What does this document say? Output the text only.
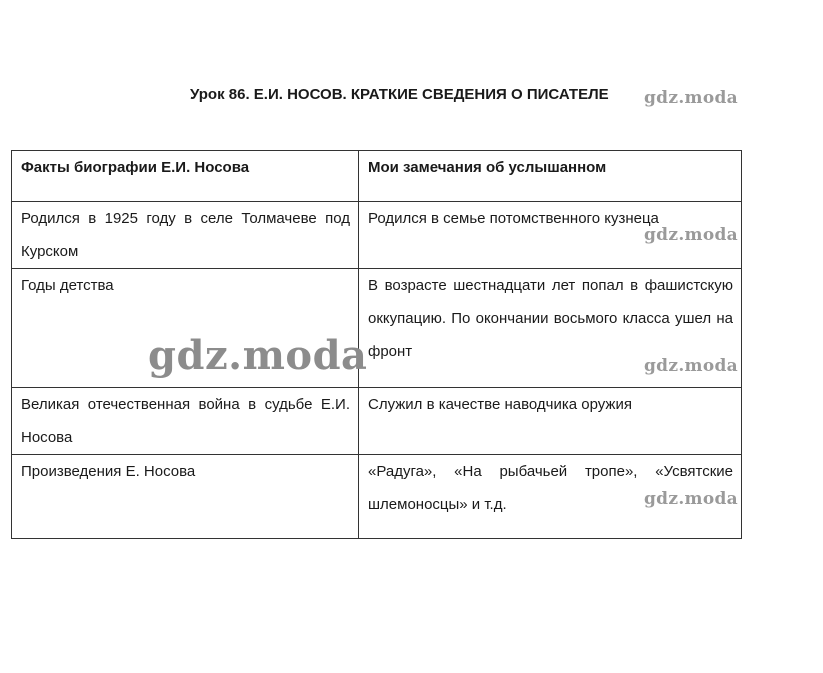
Урок 86. Е.И. НОСОВ. КРАТКИЕ СВЕДЕНИЯ О ПИСАТЕЛЕ
Факты биографии Е.И. Носова	Мои замечания об услышанном
Родился в 1925 году в селе Толмачеве под Курском	Родился в семье потомственного кузнеца
Годы детства	В возрасте шестнадцати лет попал в фашистскую оккупацию. По окончании восьмого класса ушел на фронт
Великая отечественная война в судьбе Е.И. Носова	Служил в качестве наводчика оружия
Произведения Е. Носова	«Радуга», «На рыбачьей тропе», «Усвятские шлемоносцы» и т.д.
gdz.moda
gdz.moda
gdz.moda
gdz.moda
gdz.moda
